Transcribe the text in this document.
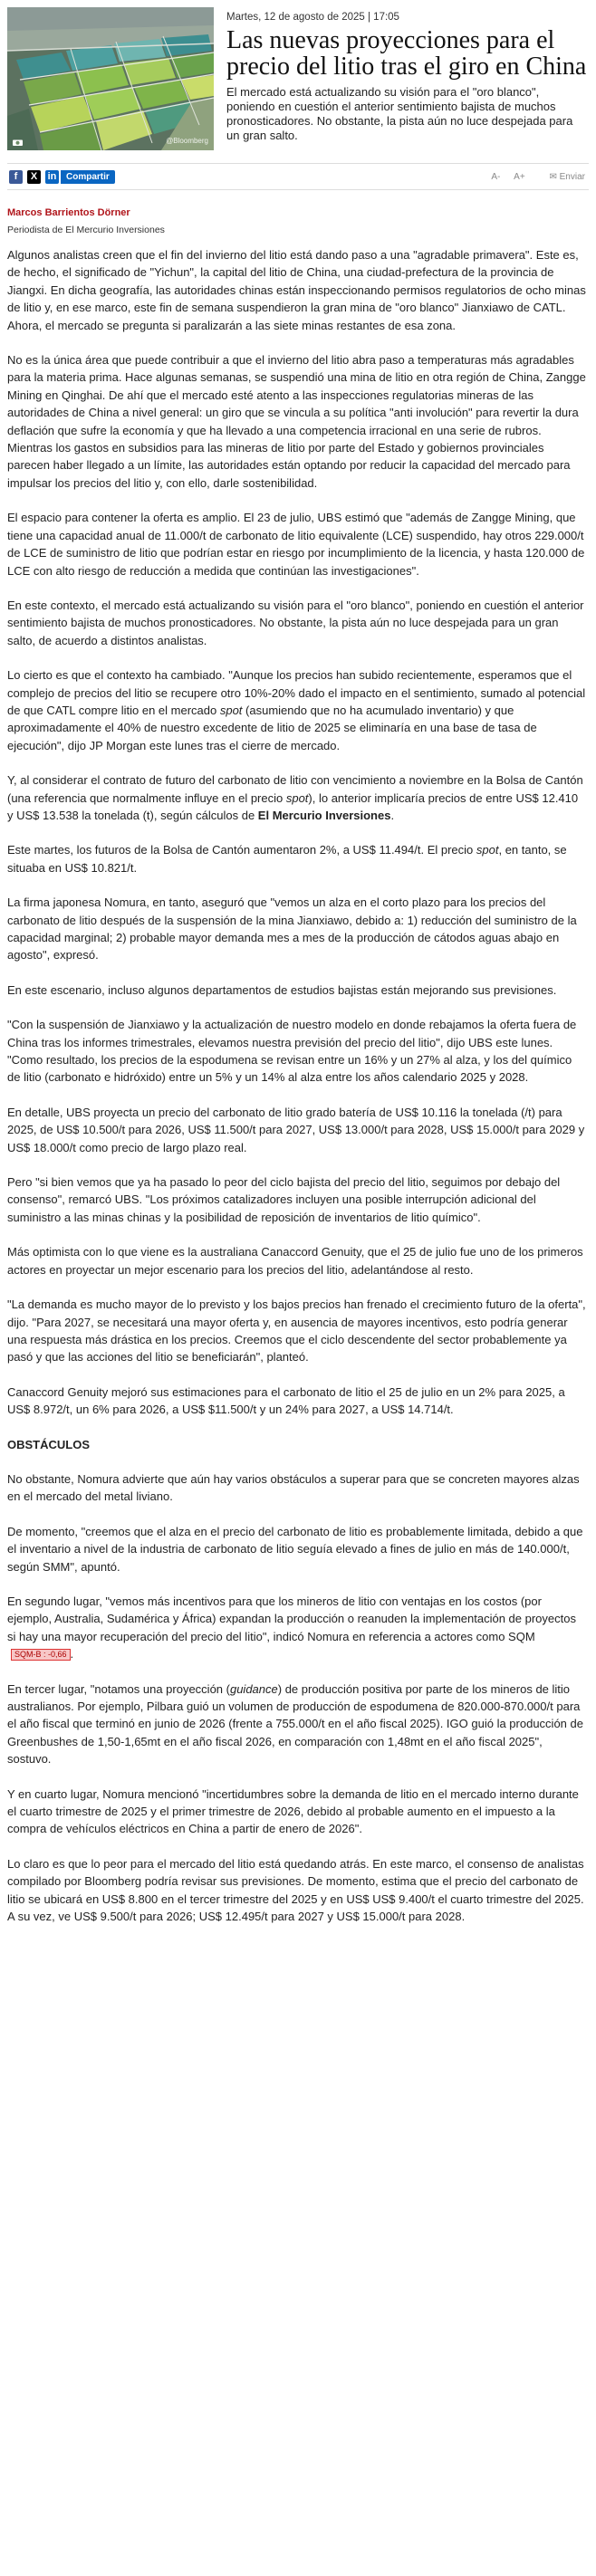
@Bloomberg

Martes, 12 de agosto de 2025 | 17:05

Las nuevas proyecciones para el precio del litio tras el giro en China

El mercado está actualizando su visión para el "oro blanco", poniendo en cuestión el anterior sentimiento bajista de muchos pronosticadores. No obstante, la pista aún no luce despejada para un gran salto.

f	X	in	Compartir	A- A+	✉ Enviar

Marcos Barrientos Dörner

Periodista de El Mercurio Inversiones

Algunos analistas creen que el fin del invierno del litio está dando paso a una "agradable primavera". Este es, de hecho, el significado de "Yichun", la capital del litio de China, una ciudad-prefectura de la provincia de Jiangxi. En dicha geografía, las autoridades chinas están inspeccionando permisos regulatorios de ocho minas de litio y, en ese marco, este fin de semana suspendieron la gran mina de "oro blanco" Jianxiawo de CATL. Ahora, el mercado se pregunta si paralizarán a las siete minas restantes de esa zona.

No es la única área que puede contribuir a que el invierno del litio abra paso a temperaturas más agradables para la materia prima. Hace algunas semanas, se suspendió una mina de litio en otra región de China, Zangge Mining en Qinghai. De ahí que el mercado esté atento a las inspecciones regulatorias mineras de las autoridades de China a nivel general: un giro que se vincula a su política "anti involución" para revertir la dura deflación que sufre la economía y que ha llevado a una competencia irracional en una serie de rubros. Mientras los gastos en subsidios para las mineras de litio por parte del Estado y gobiernos provinciales parecen haber llegado a un límite, las autoridades están optando por reducir la capacidad del mercado para impulsar los precios del litio y, con ello, darle sostenibilidad.

El espacio para contener la oferta es amplio. El 23 de julio, UBS estimó que "además de Zangge Mining, que tiene una capacidad anual de 11.000/t de carbonato de litio equivalente (LCE) suspendido, hay otros 229.000/t de LCE de suministro de litio que podrían estar en riesgo por incumplimiento de la licencia, y hasta 120.000 de LCE con alto riesgo de reducción a medida que continúan las investigaciones".

En este contexto, el mercado está actualizando su visión para el "oro blanco", poniendo en cuestión el anterior sentimiento bajista de muchos pronosticadores. No obstante, la pista aún no luce despejada para un gran salto, de acuerdo a distintos analistas.

Lo cierto es que el contexto ha cambiado. "Aunque los precios han subido recientemente, esperamos que el complejo de precios del litio se recupere otro 10%-20% dado el impacto en el sentimiento, sumado al potencial de que CATL compre litio en el mercado spot (asumiendo que no ha acumulado inventario) y que aproximadamente el 40% de nuestro excedente de litio de 2025 se eliminaría en una base de tasa de ejecución", dijo JP Morgan este lunes tras el cierre de mercado.

Y, al considerar el contrato de futuro del carbonato de litio con vencimiento a noviembre en la Bolsa de Cantón (una referencia que normalmente influye en el precio spot), lo anterior implicaría precios de entre US$ 12.410 y US$ 13.538 la tonelada (t), según cálculos de El Mercurio Inversiones.

Este martes, los futuros de la Bolsa de Cantón aumentaron 2%, a US$ 11.494/t. El precio spot, en tanto, se situaba en US$ 10.821/t.

La firma japonesa Nomura, en tanto, aseguró que "vemos un alza en el corto plazo para los precios del carbonato de litio después de la suspensión de la mina Jianxiawo, debido a: 1) reducción del suministro de la capacidad marginal; 2) probable mayor demanda mes a mes de la producción de cátodos aguas abajo en agosto", expresó.

En este escenario, incluso algunos departamentos de estudios bajistas están mejorando sus previsiones.

"Con la suspensión de Jianxiawo y la actualización de nuestro modelo en donde rebajamos la oferta fuera de China tras los informes trimestrales, elevamos nuestra previsión del precio del litio", dijo UBS este lunes. "Como resultado, los precios de la espodumena se revisan entre un 16% y un 27% al alza, y los del químico de litio (carbonato e hidróxido) entre un 5% y un 14% al alza entre los años calendario 2025 y 2028.

En detalle, UBS proyecta un precio del carbonato de litio grado batería de US$ 10.116 la tonelada (/t) para 2025, de US$ 10.500/t para 2026, US$ 11.500/t para 2027, US$ 13.000/t para 2028, US$ 15.000/t para 2029 y US$ 18.000/t como precio de largo plazo real.

Pero "si bien vemos que ya ha pasado lo peor del ciclo bajista del precio del litio, seguimos por debajo del consenso", remarcó UBS. "Los próximos catalizadores incluyen una posible interrupción adicional del suministro a las minas chinas y la posibilidad de reposición de inventarios de litio químico".

Más optimista con lo que viene es la australiana Canaccord Genuity, que el 25 de julio fue uno de los primeros actores en proyectar un mejor escenario para los precios del litio, adelantándose al resto.

"La demanda es mucho mayor de lo previsto y los bajos precios han frenado el crecimiento futuro de la oferta", dijo. "Para 2027, se necesitará una mayor oferta y, en ausencia de mayores incentivos, esto podría generar una respuesta más drástica en los precios. Creemos que el ciclo descendente del sector probablemente ya pasó y que las acciones del litio se beneficiarán", planteó.

Canaccord Genuity mejoró sus estimaciones para el carbonato de litio el 25 de julio en un 2% para 2025, a US$ 8.972/t, un 6% para 2026, a US$ $11.500/t y un 24% para 2027, a US$ 14.714/t.

OBSTÁCULOS

No obstante, Nomura advierte que aún hay varios obstáculos a superar para que se concreten mayores alzas en el mercado del metal liviano.

De momento, "creemos que el alza en el precio del carbonato de litio es probablemente limitada, debido a que el inventario a nivel de la industria de carbonato de litio seguía elevado a fines de julio en más de 140.000/t, según SMM", apuntó.

En segundo lugar, "vemos más incentivos para que los mineros de litio con ventajas en los costos (por ejemplo, Australia, Sudamérica y África) expandan la producción o reanuden la implementación de proyectos si hay una mayor recuperación del precio del litio", indicó Nomura en referencia a actores como SQMSQM-B : -0,66 .

En tercer lugar, "notamos una proyección (guidance) de producción positiva por parte de los mineros de litio australianos. Por ejemplo, Pilbara guió un volumen de producción de espodumena de 820.000-870.000/t para el año fiscal que terminó en junio de 2026 (frente a 755.000/t en el año fiscal 2025). IGO guió la producción de Greenbushes de 1,50-1,65mt en el año fiscal 2026, en comparación con 1,48mt en el año fiscal 2025", sostuvo.

Y en cuarto lugar, Nomura mencionó "incertidumbres sobre la demanda de litio en el mercado interno durante el cuarto trimestre de 2025 y el primer trimestre de 2026, debido al probable aumento en el impuesto a la compra de vehículos eléctricos en China a partir de enero de 2026".

Lo claro es que lo peor para el mercado del litio está quedando atrás. En este marco, el consenso de analistas compilado por Bloomberg podría revisar sus previsiones. De momento, estima que el precio del carbonato de litio se ubicará en US$ 8.800 en el tercer trimestre del 2025 y en US$ US$ 9.400/t el cuarto trimestre del 2025. A su vez, ve US$ 9.500/t para 2026; US$ 12.495/t para 2027 y US$ 15.000/t para 2028.
